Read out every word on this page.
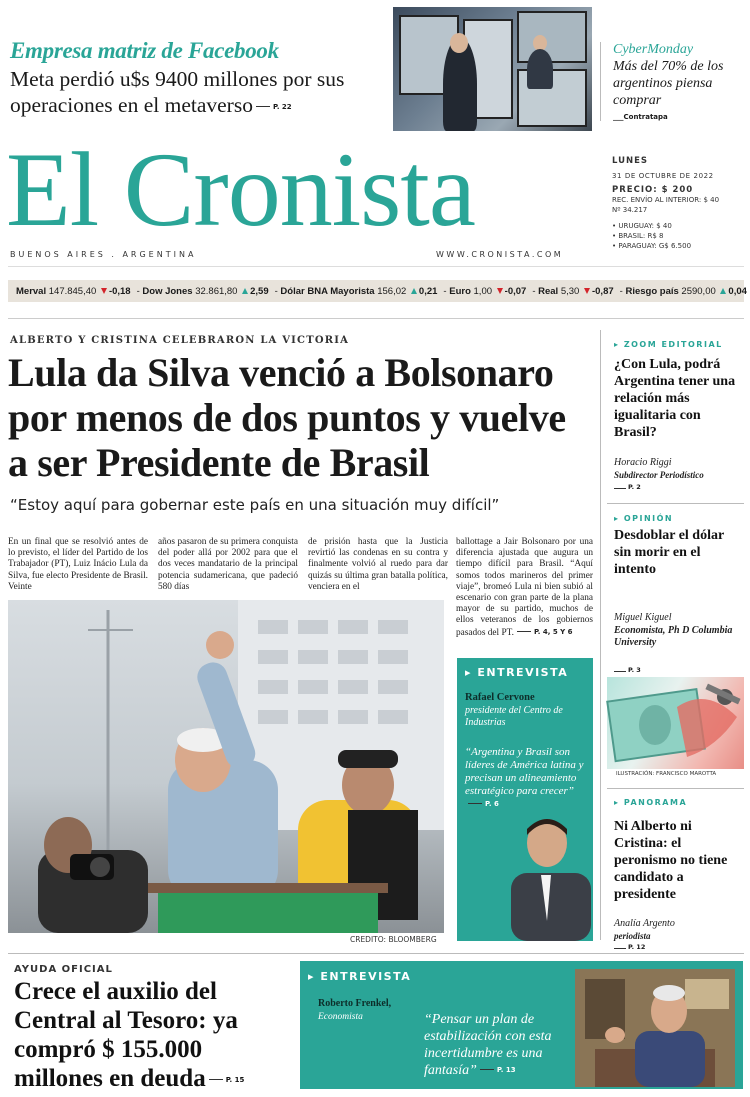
Empresa matriz de Facebook
Meta perdió u$s 9400 millones por sus operaciones en el metaverso	P. 22
CyberMonday
Más del 70% de los argentinos piensa comprar
___Contratapa
El Cronista
BUENOS AIRES . ARGENTINA	WWW.CRONISTA.COM
LUNES
31 DE OCTUBRE DE 2022
PRECIO: $ 200
REC. ENVÍO AL INTERIOR: $ 40
Nº 34.217
• URUGUAY: $ 40
• BRASIL: R$ 8
• PARAGUAY: G$ 6.500
Merval 147.845,40 -0,18 - Dow Jones 32.861,80 2,59 - Dólar BNA Mayorista 156,02 0,21 - Euro 1,00 -0,07 - Real 5,30 -0,87 - Riesgo país 2590,00 0,04
ALBERTO Y CRISTINA CELEBRARON LA VICTORIA
Lula da Silva venció a Bolsonaro por menos de dos puntos y vuelve a ser Presidente de Brasil
“Estoy aquí para gobernar este país en una situación muy difícil”
En un final que se resolvió antes de lo previsto, el líder del Partido de los Trabajador (PT), Luiz Inácio Lula da Silva, fue electo Presidente de Brasil. Veinte
años pasaron de su primera conquista del poder allá por 2002 para que el dos veces mandatario de la principal potencia sudamericana, que padeció 580 días
de prisión hasta que la Justicia revirtió las condenas en su contra y finalmente volvió al ruedo para dar quizás su última gran batalla política, venciera en el
ballottage a Jair Bolsonaro por una diferencia ajustada que augura un tiempo difícil para Brasil. “Aquí somos todos marineros del primer viaje”, bromeó Lula ni bien subió al escenario con gran parte de la plana mayor de su partido, muchos de ellos veteranos de los gobiernos pasados del PT.	P. 4, 5 Y 6
CREDITO: BLOOMBERG
▸ ENTREVISTA
Rafael Cervone
presidente del Centro de Industrias
“Argentina y Brasil son líderes de América latina y precisan un alineamiento estratégico para crecer”P. 6
▸ ZOOM EDITORIAL
¿Con Lula, podrá Argentina tener una relación más igualitaria con Brasil?
Horacio Riggi
Subdirector Periodístico
P. 2
▸ OPINIÓN
Desdoblar el dólar sin morir en el intento
Miguel Kiguel
Economista, Ph D Columbia University
P. 3
ILUSTRACIÓN: FRANCISCO MAROTTA
▸ PANORAMA
Ni Alberto ni Cristina: el peronismo no tiene candidato a presidente
Analía Argento
periodista
P. 12
AYUDA OFICIAL
Crece el auxilio del Central al Tesoro: ya compró $ 155.000 millones en deuda	P. 15
▸ ENTREVISTA
Roberto Frenkel,
Economista	“Pensar un plan de estabilización con esta incertidumbre es una fantasía”	P. 13
